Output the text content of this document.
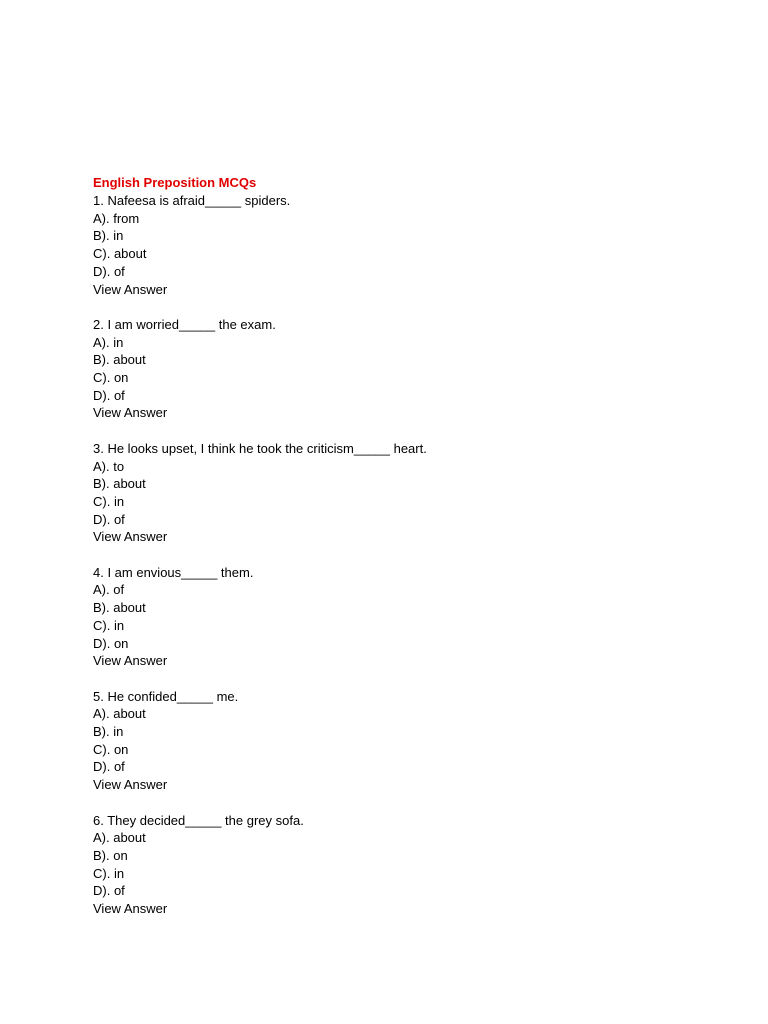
English Preposition MCQs
1. Nafeesa is afraid_____ spiders.
A). from
B). in
C). about
D). of
View Answer
2. I am worried_____ the exam.
A). in
B). about
C). on
D). of
View Answer
3. He looks upset, I think he took the criticism_____ heart.
A). to
B). about
C). in
D). of
View Answer
4. I am envious_____ them.
A). of
B). about
C). in
D). on
View Answer
5. He confided_____ me.
A). about
B). in
C). on
D). of
View Answer
6. They decided_____ the grey sofa.
A). about
B). on
C). in
D). of
View Answer
